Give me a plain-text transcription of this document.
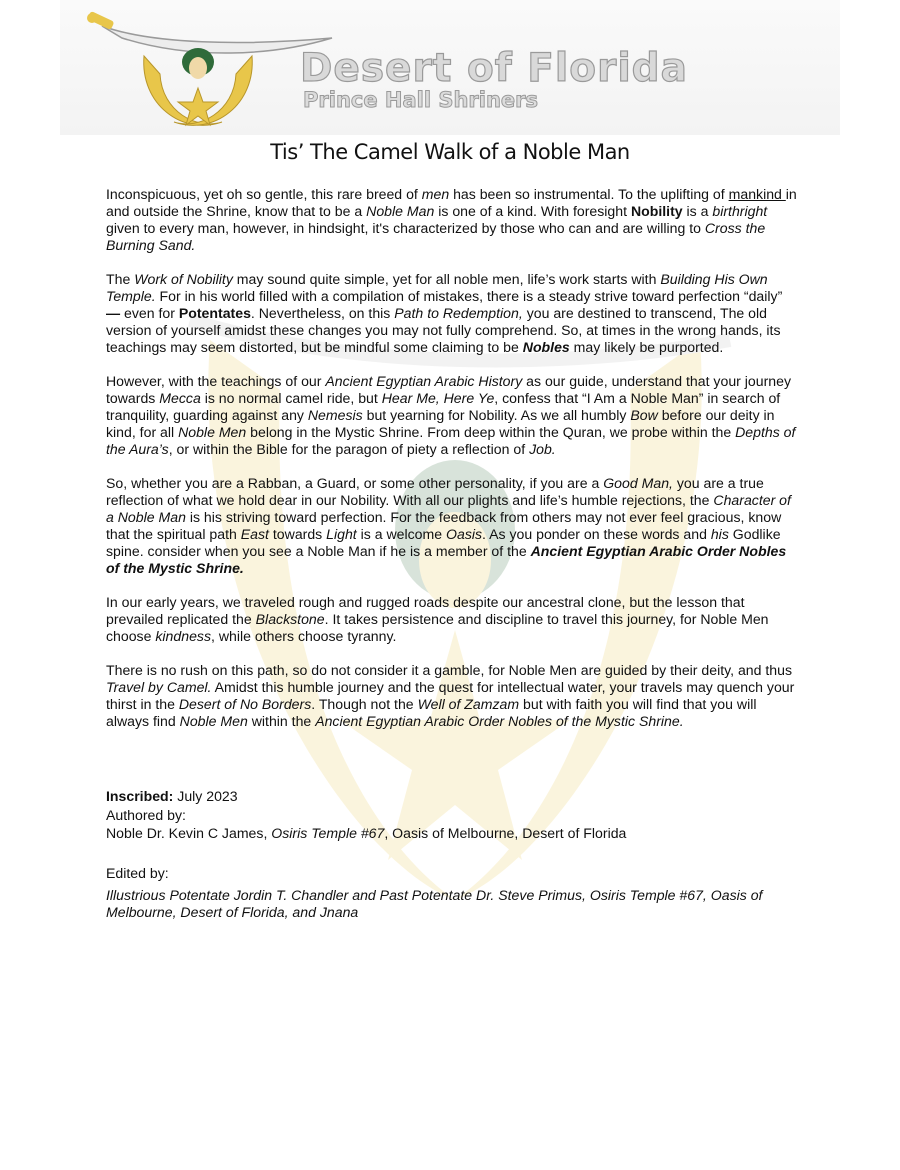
Desert of Florida
Prince Hall Shriners
Tis’ The Camel Walk of a Noble Man

Inconspicuous, yet oh so gentle, this rare breed of men has been so instrumental. To the uplifting of mankind in and outside the Shrine, know that to be a Noble Man is one of a kind. With foresight Nobility is a birthright given to every man, however, in hindsight, it's characterized by those who can and are willing to Cross the Burning Sand.

The Work of Nobility may sound quite simple, yet for all noble men, life’s work starts with Building His Own Temple. For in his world filled with a compilation of mistakes, there is a steady strive toward perfection “daily” — even for Potentates. Nevertheless, on this Path to Redemption, you are destined to transcend, The old version of yourself amidst these changes you may not fully comprehend. So, at times in the wrong hands, its teachings may seem distorted, but be mindful some claiming to be Nobles may likely be purported.

However, with the teachings of our Ancient Egyptian Arabic History as our guide, understand that your journey towards Mecca is no normal camel ride, but Hear Me, Here Ye, confess that “I Am a Noble Man” in search of tranquility, guarding against any Nemesis but yearning for Nobility. As we all humbly Bow before our deity in kind, for all Noble Men belong in the Mystic Shrine. From deep within the Quran, we probe within the Depths of the Aura’s, or within the Bible for the paragon of piety a reflection of Job.

So, whether you are a Rabban, a Guard, or some other personality, if you are a Good Man, you are a true reflection of what we hold dear in our Nobility. With all our plights and life’s humble rejections, the Character of a Noble Man is his striving toward perfection. For the feedback from others may not ever feel gracious, know that the spiritual path East towards Light is a welcome Oasis. As you ponder on these words and his Godlike spine. consider when you see a Noble Man if he is a member of the Ancient Egyptian Arabic Order Nobles of the Mystic Shrine.

In our early years, we traveled rough and rugged roads despite our ancestral clone, but the lesson that prevailed replicated the Blackstone. It takes persistence and discipline to travel this journey, for Noble Men choose kindness, while others choose tyranny.

There is no rush on this path, so do not consider it a gamble, for Noble Men are guided by their deity, and thus Travel by Camel. Amidst this humble journey and the quest for intellectual water, your travels may quench your thirst in the Desert of No Borders. Though not the Well of Zamzam but with faith you will find that you will always find Noble Men within the Ancient Egyptian Arabic Order Nobles of the Mystic Shrine.

Inscribed: July 2023
Authored by:
Noble Dr. Kevin C James, Osiris Temple #67, Oasis of Melbourne, Desert of Florida
Edited by:
Illustrious Potentate Jordin T. Chandler and Past Potentate Dr. Steve Primus, Osiris Temple #67, Oasis of Melbourne, Desert of Florida, and Jnana
